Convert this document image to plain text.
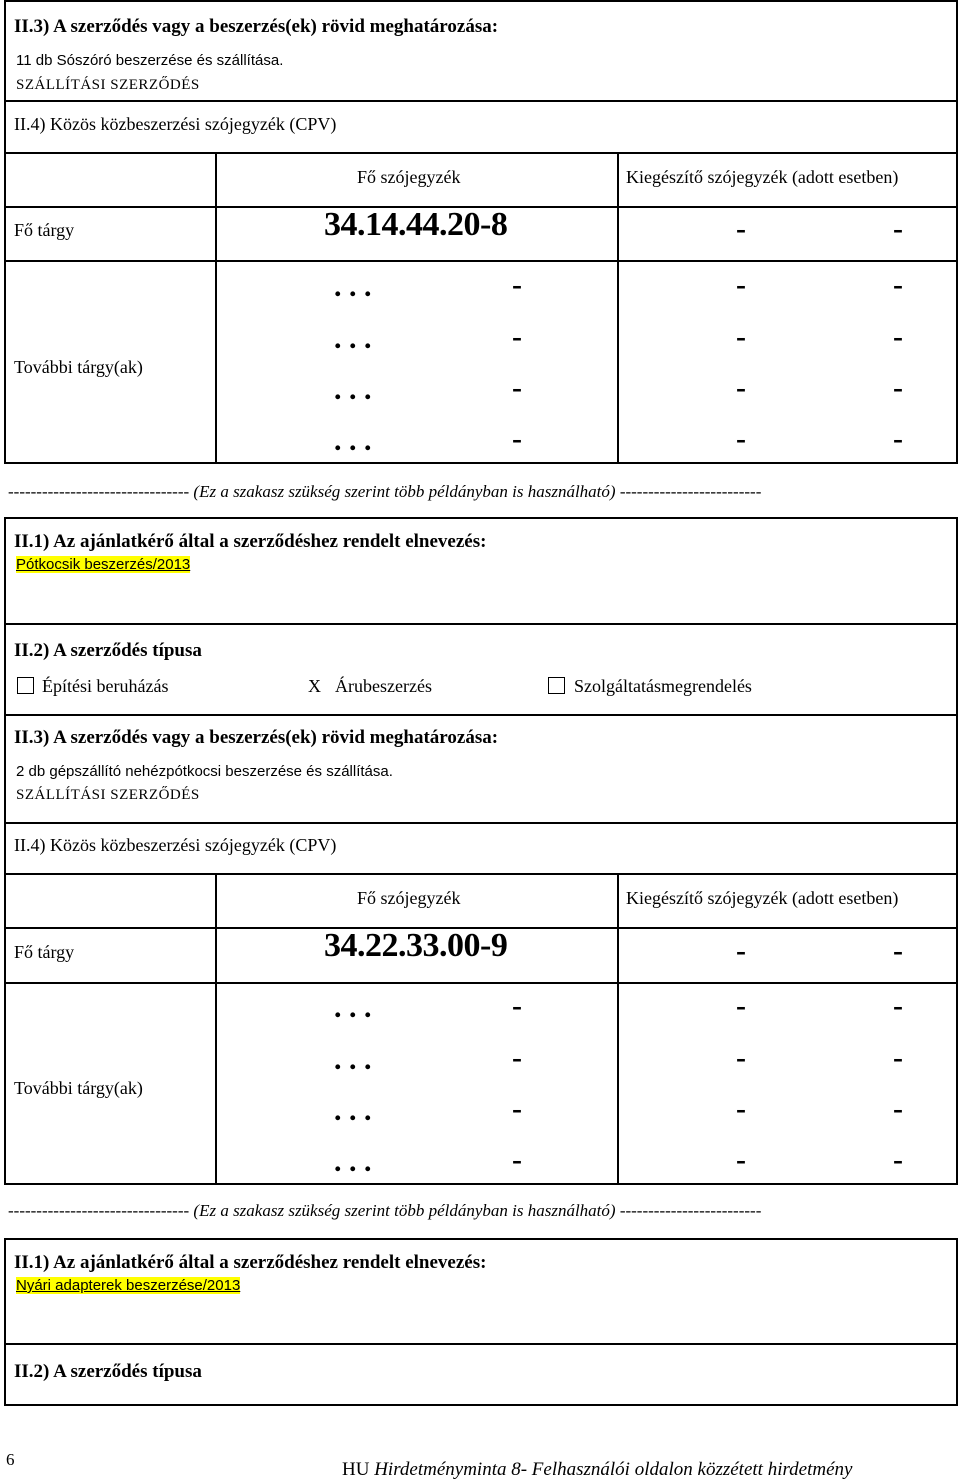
II.3) A szerződés vagy a beszerzés(ek) rövid meghatározása:
11 db Sószóró beszerzése és szállítása.
SZÁLLÍTÁSI SZERZŐDÉS
II.4) Közös közbeszerzési szójegyzék (CPV)
Fő szójegyzék	Kiegészítő szójegyzék (adott esetben)
Fő tárgy	34.14.44.20-8	-	-
További tárgy(ak)
. . .	-	-	-
. . .	-	-	-
. . .	-	-	-
. . .	-	-	-
-------------------------------- (Ez a szakasz szükség szerint több példányban is használható) -------------------------
II.1) Az ajánlatkérő által a szerződéshez rendelt elnevezés:
Pótkocsik beszerzés/2013
II.2) A szerződés típusa
Építési beruházás	X Árubeszerzés	Szolgáltatásmegrendelés
II.3) A szerződés vagy a beszerzés(ek) rövid meghatározása:
2 db gépszállító nehézpótkocsi beszerzése és szállítása.
SZÁLLÍTÁSI SZERZŐDÉS
II.4) Közös közbeszerzési szójegyzék (CPV)
Fő szójegyzék	Kiegészítő szójegyzék (adott esetben)
Fő tárgy	34.22.33.00-9	-	-
További tárgy(ak)
. . .	-	-	-
. . .	-	-	-
. . .	-	-	-
. . .	-	-	-
-------------------------------- (Ez a szakasz szükség szerint több példányban is használható) -------------------------
II.1) Az ajánlatkérő által a szerződéshez rendelt elnevezés:
Nyári adapterek beszerzése/2013
II.2) A szerződés típusa
6	HU Hirdetményminta 8- Felhasználói oldalon közzétett hirdetmény
